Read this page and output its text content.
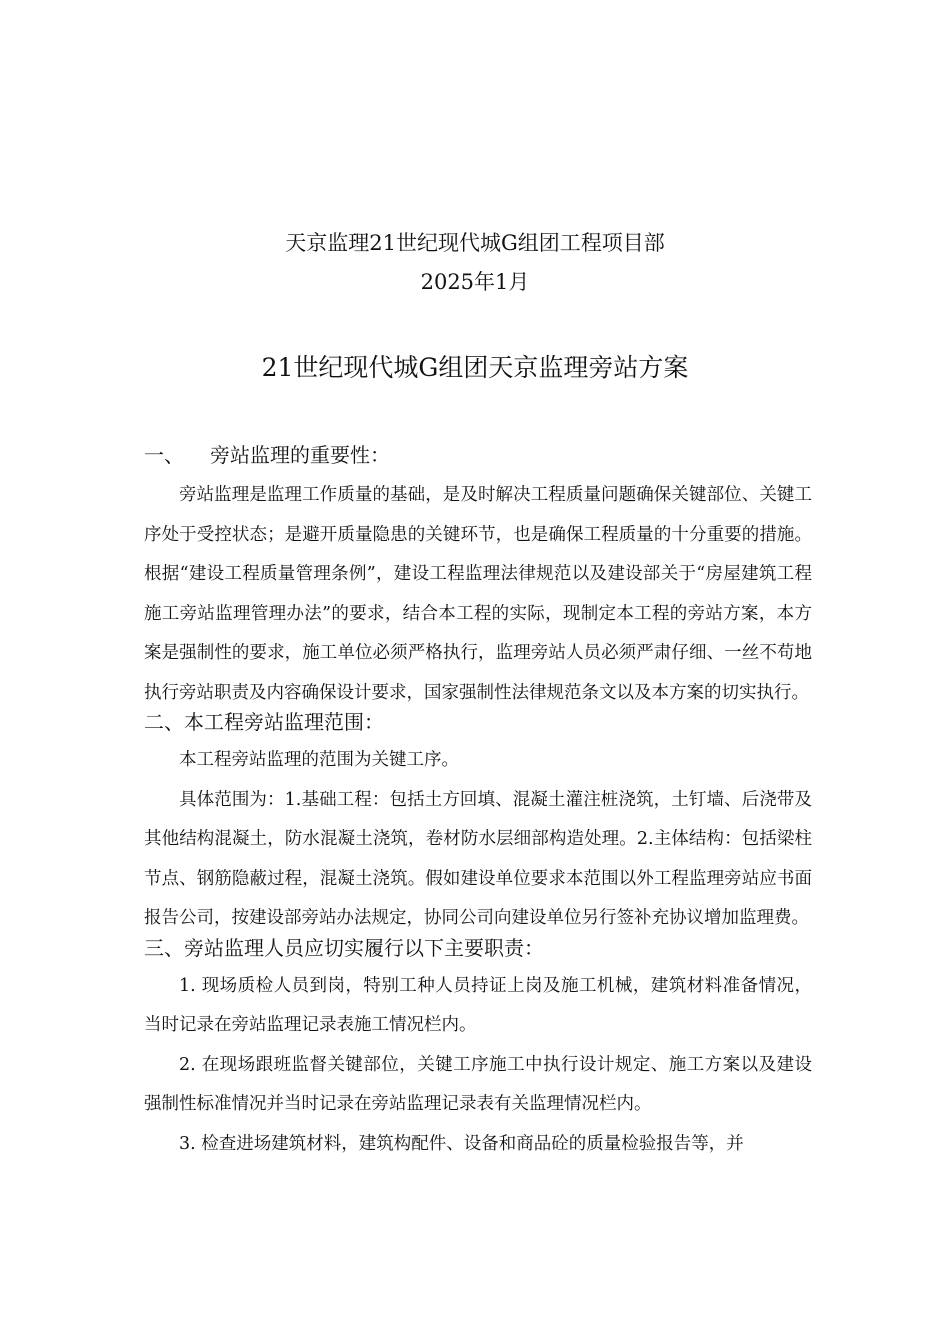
天京监理21世纪现代城G组团工程项目部
2025年1月
21世纪现代城G组团天京监理旁站方案
一、 旁站监理的重要性：

旁站监理是监理工作质量的基础，是及时解决工程质量问题确保关键部位、关键工序处于受控状态；是避开质量隐患的关键环节，也是确保工程质量的十分重要的措施。根据“建设工程质量管理条例”，建设工程监理法律规范以及建设部关于“房屋建筑工程施工旁站监理管理办法”的要求，结合本工程的实际，现制定本工程的旁站方案，本方案是强制性的要求，施工单位必须严格执行，监理旁站人员必须严肃仔细、一丝不苟地执行旁站职责及内容确保设计要求，国家强制性法律规范条文以及本方案的切实执行。

二、本工程旁站监理范围：

本工程旁站监理的范围为关键工序。

具体范围为：1.基础工程：包括土方回填、混凝土灌注桩浇筑，土钉墙、后浇带及其他结构混凝土，防水混凝土浇筑，卷材防水层细部构造处理。2.主体结构：包括梁柱节点、钢筋隐蔽过程，混凝土浇筑。假如建设单位要求本范围以外工程监理旁站应书面报告公司，按建设部旁站办法规定，协同公司向建设单位另行签补充协议增加监理费。

三、旁站监理人员应切实履行以下主要职责：

1. 现场质检人员到岗，特别工种人员持证上岗及施工机械，建筑材料准备情况，当时记录在旁站监理记录表施工情况栏内。

2. 在现场跟班监督关键部位，关键工序施工中执行设计规定、施工方案以及建设强制性标准情况并当时记录在旁站监理记录表有关监理情况栏内。

3. 检查进场建筑材料，建筑构配件、设备和商品砼的质量检验报告等，并
